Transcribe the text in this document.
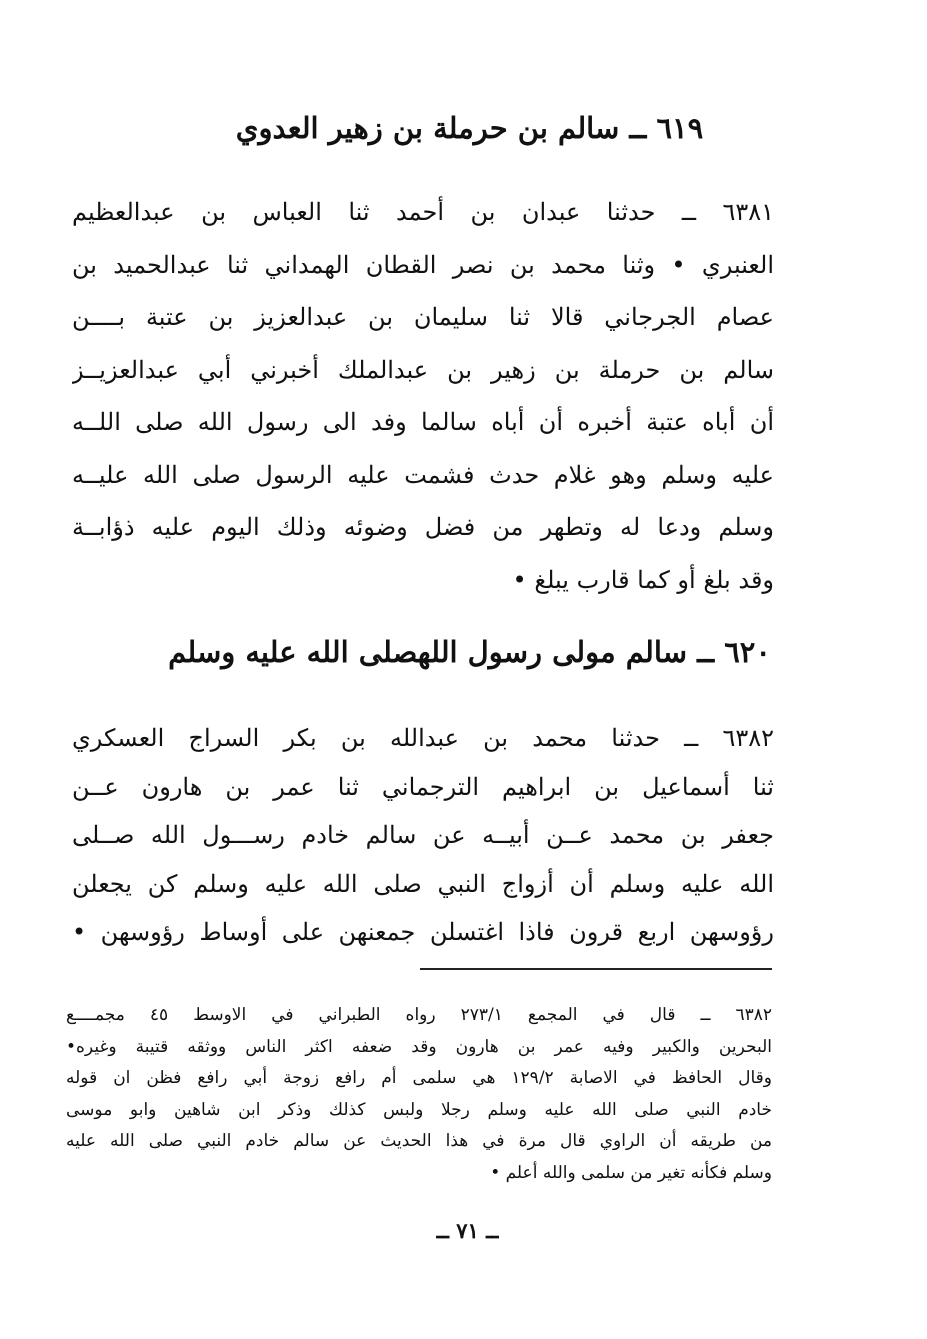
٦١٩ ــ سالم بن حرملة بن زهير العدوي
٦٣٨١ ــ حدثنا عبدان بن أحمد ثنا العباس بن عبدالعظيم
العنبري • وثنا محمد بن نصر القطان الهمداني ثنا عبدالحميد بن
عصام الجرجاني قالا ثنا سليمان بن عبدالعزيز بن عتبة بــــن
سالم بن حرملة بن زهير بن عبدالملك أخبرني أبي عبدالعزيــز
أن أباه عتبة أخبره أن أباه سالما وفد الى رسول الله صلى اللــه
عليه وسلم وهو غلام حدث فشمت عليه الرسول صلى الله عليــه
وسلم ودعا له وتطهر من فضل وضوئه وذلك اليوم عليه ذؤابــة
وقد بلغ أو كما قارب يبلغ •
٦٢٠ ــ سالم مولى رسول اللهصلى الله عليه وسلم
٦٣٨٢ ــ حدثنا محمد بن عبدالله بن بكر السراج العسكري
ثنا أسماعيل بن ابراهيم الترجماني ثنا عمر بن هارون عــن
جعفر بن محمد عــن أبيــه عن سالم خادم رســـول الله صــلى
الله عليه وسلم أن أزواج النبي صلى الله عليه وسلم كن يجعلن
رؤوسهن اربع قرون فاذا اغتسلن جمعنهن على أوساط رؤوسهن •
٦٣٨٢ ــ قال في المجمع ٢٧٣/١ رواه الطبراني في الاوسط ٤٥ مجمــــع
البحرين والكبير وفيه عمر بن هارون وقد ضعفه اكثر الناس ووثقه قتيبة وغيره•
وقال الحافظ في الاصابة ١٢٩/٢ هي سلمى أم رافع زوجة أبي رافع فظن ان قوله
خادم النبي صلى الله عليه وسلم رجلا ولبس كذلك وذكر ابن شاهين وابو موسى
من طريقه أن الراوي قال مرة في هذا الحديث عن سالم خادم النبي صلى الله عليه
وسلم فكأنه تغير من سلمى والله أعلم •
ــ ٧١ ــ
